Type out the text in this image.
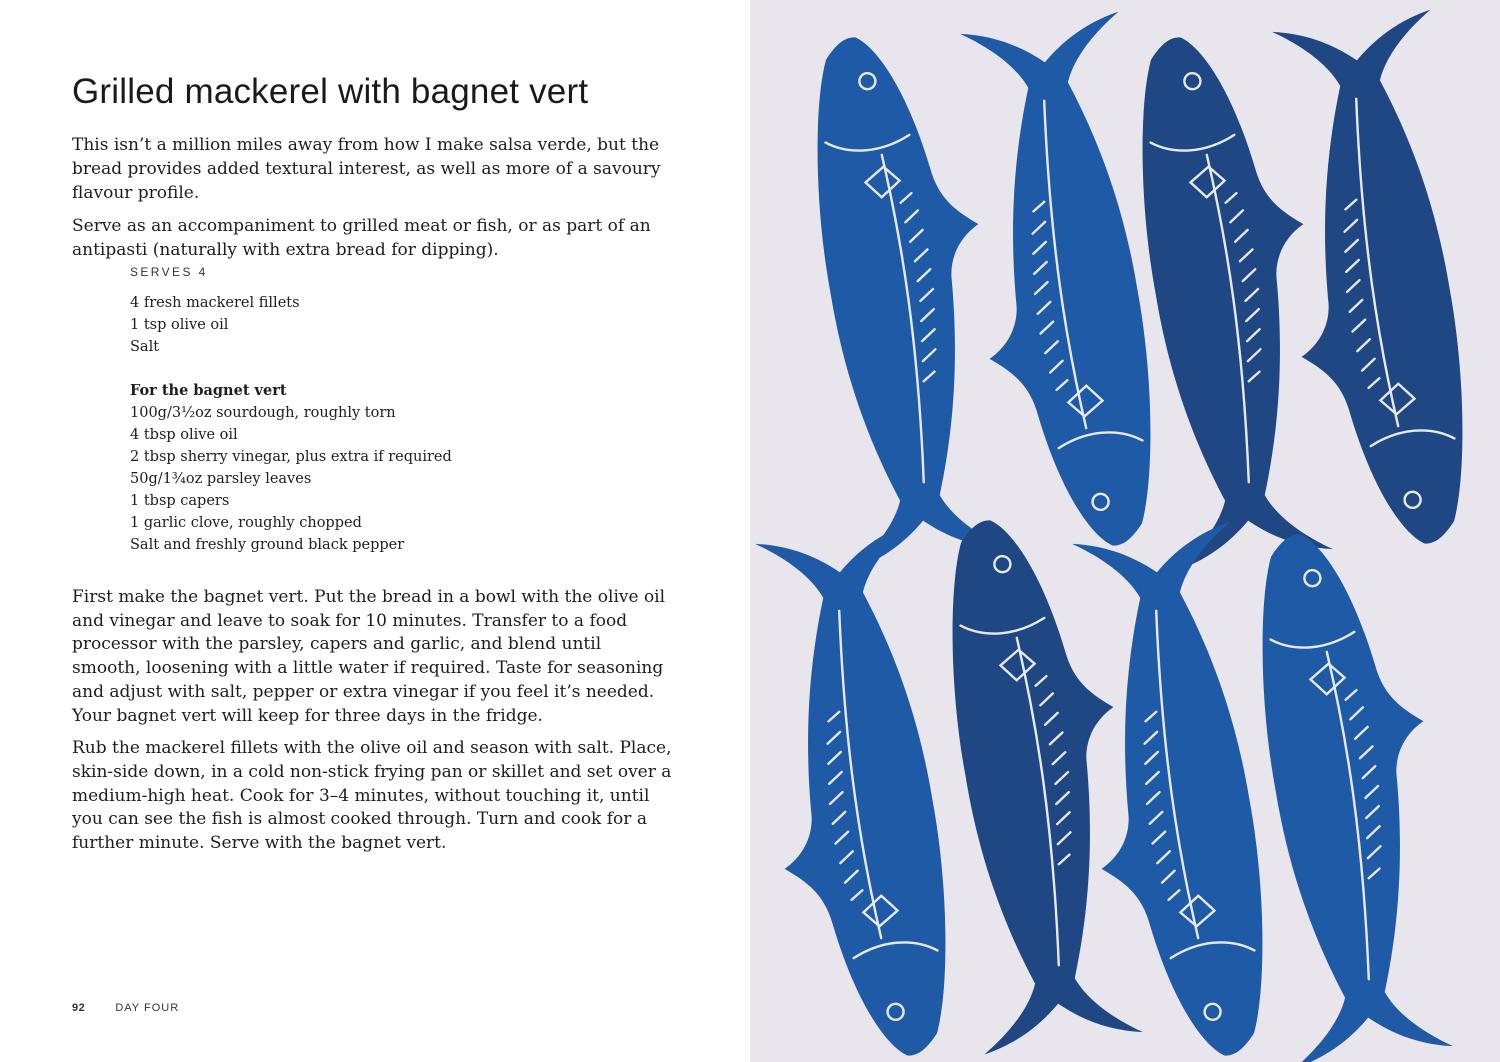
Grilled mackerel with bagnet vert

This isn’t a million miles away from how I make salsa verde, but the bread provides added textural interest, as well as more of a savoury flavour profile.

Serve as an accompaniment to grilled meat or fish, or as part of an antipasti (naturally with extra bread for dipping).

SERVES 4
4 fresh mackerel fillets
1 tsp olive oil
Salt
For the bagnet vert
100g/3½oz sourdough, roughly torn
4 tbsp olive oil
2 tbsp sherry vinegar, plus extra if required
50g/1¾oz parsley leaves
1 tbsp capers
1 garlic clove, roughly chopped
Salt and freshly ground black pepper

First make the bagnet vert. Put the bread in a bowl with the olive oil and vinegar and leave to soak for 10 minutes. Transfer to a food processor with the parsley, capers and garlic, and blend until smooth, loosening with a little water if required. Taste for seasoning and adjust with salt, pepper or extra vinegar if you feel it’s needed. Your bagnet vert will keep for three days in the fridge.

Rub the mackerel fillets with the olive oil and season with salt. Place, skin-side down, in a cold non-stick frying pan or skillet and set over a medium-high heat. Cook for 3–4 minutes, without touching it, until you can see the fish is almost cooked through. Turn and cook for a further minute. Serve with the bagnet vert.

92	DAY FOUR
